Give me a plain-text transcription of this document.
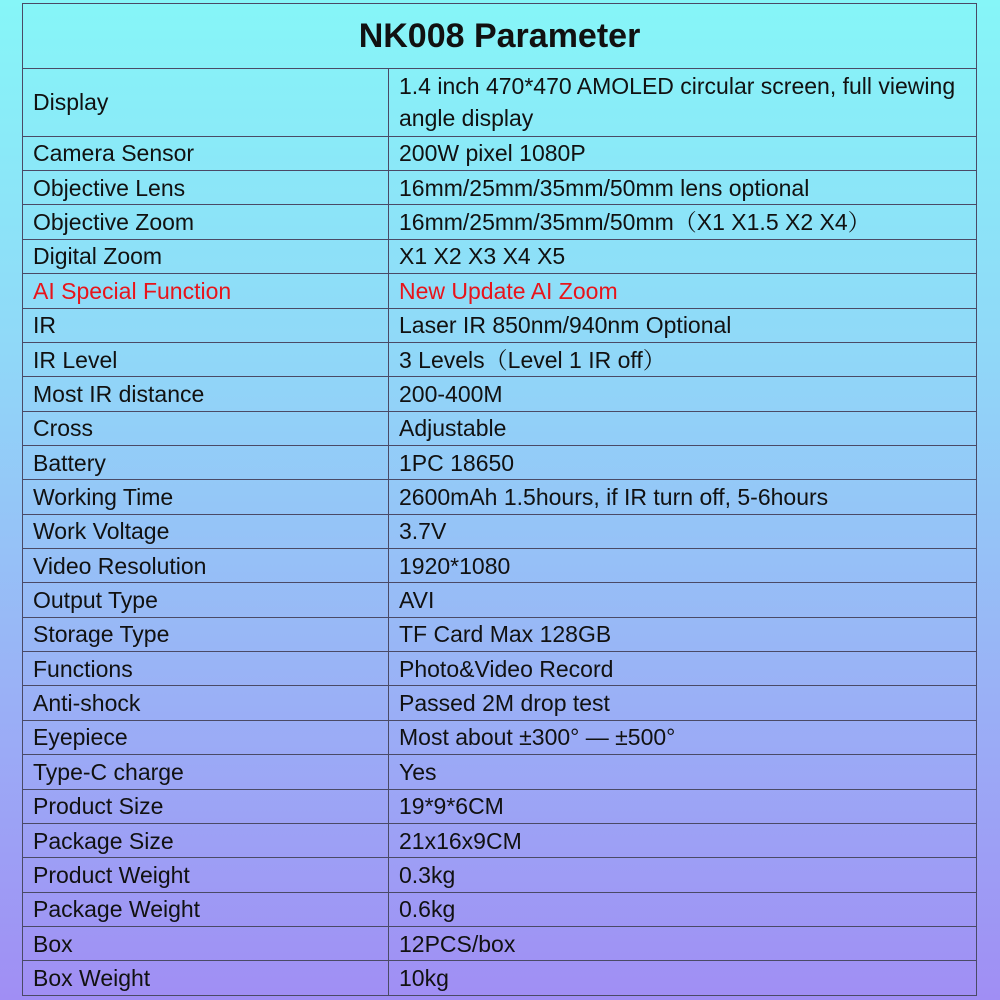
NK008 Parameter	
Display	1.4 inch 470*470 AMOLED circular screen, full viewing angle display
Camera Sensor	200W pixel 1080P
Objective Lens	16mm/25mm/35mm/50mm lens optional
Objective Zoom	16mm/25mm/35mm/50mm（X1 X1.5 X2 X4）
Digital Zoom	X1 X2 X3 X4 X5
AI Special Function	New Update AI Zoom
IR	Laser IR 850nm/940nm Optional
IR Level	3 Levels（Level 1 IR off）
Most IR distance	200-400M
Cross	Adjustable
Battery	1PC 18650
Working Time	2600mAh 1.5hours, if IR turn off, 5-6hours
Work Voltage	3.7V
Video Resolution	1920*1080
Output Type	AVI
Storage Type	TF Card Max 128GB
Functions	Photo&Video Record
Anti-shock	Passed 2M drop test
Eyepiece	Most about ±300° — ±500°
Type-C charge	Yes
Product Size	19*9*6CM
Package Size	21x16x9CM
Product Weight	0.3kg
Package Weight	0.6kg
Box	12PCS/box
Box Weight	10kg
